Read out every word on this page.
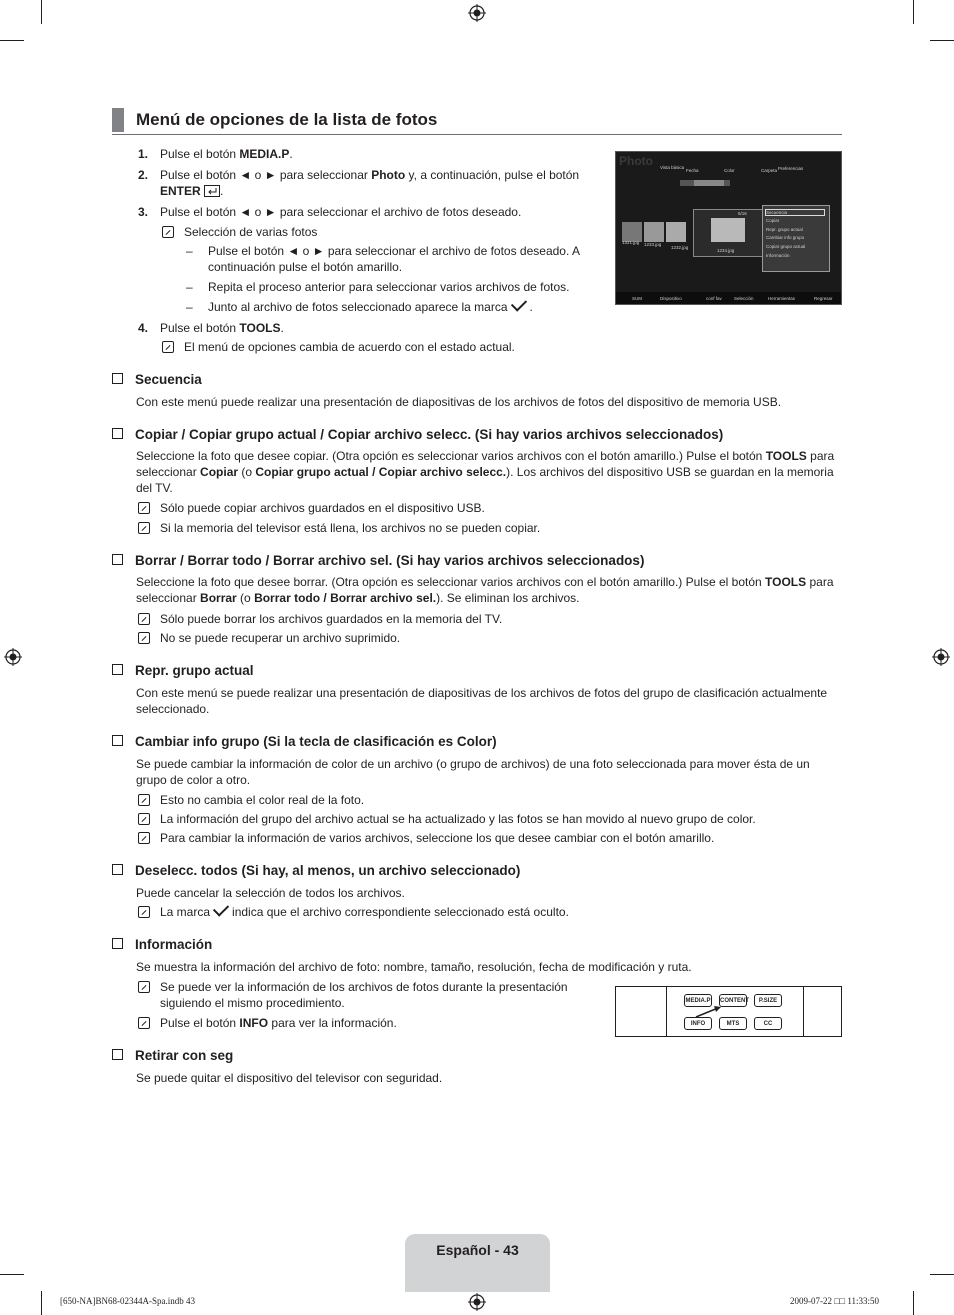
Menú de opciones de la lista de fotos
1. Pulse el botón MEDIA.P.
2. Pulse el botón ◄ o ► para seleccionar Photo y, a continuación, pulse el botón ENTER .
3. Pulse el botón ◄ o ► para seleccionar el archivo de fotos deseado.
Selección de varias fotos
– Pulse el botón ◄ o ► para seleccionar el archivo de fotos deseado. A continuación pulse el botón amarillo.
– Repita el proceso anterior para seleccionar varios archivos de fotos.
– Junto al archivo de fotos seleccionado aparece la marca .
4. Pulse el botón TOOLS.
El menú de opciones cambia de acuerdo con el estado actual.
Photo Vista básica
Fecha	Color	Carpeta Preferencias
5/16
1321.jpg 1233.jpg
1232.jpg
1234.jpg
Secuencia
Copiar
Repr. grupo actual
Cambiar info grupo
Copiar grupo actual
Información
SUM	Dispositivo	conf fav	Selección	Herramientas	Regresar
Secuencia
Con este menú puede realizar una presentación de diapositivas de los archivos de fotos del dispositivo de memoria USB.
Copiar / Copiar grupo actual / Copiar archivo selecc. (Si hay varios archivos seleccionados)
Seleccione la foto que desee copiar. (Otra opción es seleccionar varios archivos con el botón amarillo.) Pulse el botón TOOLS para seleccionar Copiar (o Copiar grupo actual / Copiar archivo selecc.). Los archivos del dispositivo USB se guardan en la memoria del TV.
Sólo puede copiar archivos guardados en el dispositivo USB.
Si la memoria del televisor está llena, los archivos no se pueden copiar.
Borrar / Borrar todo / Borrar archivo sel. (Si hay varios archivos seleccionados)
Seleccione la foto que desee borrar. (Otra opción es seleccionar varios archivos con el botón amarillo.) Pulse el botón TOOLS para seleccionar Borrar (o Borrar todo / Borrar archivo sel.). Se eliminan los archivos.
Sólo puede borrar los archivos guardados en la memoria del TV.
No se puede recuperar un archivo suprimido.
Repr. grupo actual
Con este menú se puede realizar una presentación de diapositivas de los archivos de fotos del grupo de clasificación actualmente seleccionado.
Cambiar info grupo (Si la tecla de clasificación es Color)
Se puede cambiar la información de color de un archivo (o grupo de archivos) de una foto seleccionada para mover ésta de un grupo de color a otro.
Esto no cambia el color real de la foto.
La información del grupo del archivo actual se ha actualizado y las fotos se han movido al nuevo grupo de color.
Para cambiar la información de varios archivos, seleccione los que desee cambiar con el botón amarillo.
Deselecc. todos (Si hay, al menos, un archivo seleccionado)
Puede cancelar la selección de todos los archivos.
La marca indica que el archivo correspondiente seleccionado está oculto.
Información
Se muestra la información del archivo de foto: nombre, tamaño, resolución, fecha de modificación y ruta.
Se puede ver la información de los archivos de fotos durante la presentación siguiendo el mismo procedimiento.
Pulse el botón INFO para ver la información.
MEDIA.P CONTENT	P.SIZE
INFO	MTS	CC
Retirar con seg
Se puede quitar el dispositivo del televisor con seguridad.
Español - 43
[650-NA]BN68-02344A-Spa.indb 43	2009-07-22 □□ 11:33:50
